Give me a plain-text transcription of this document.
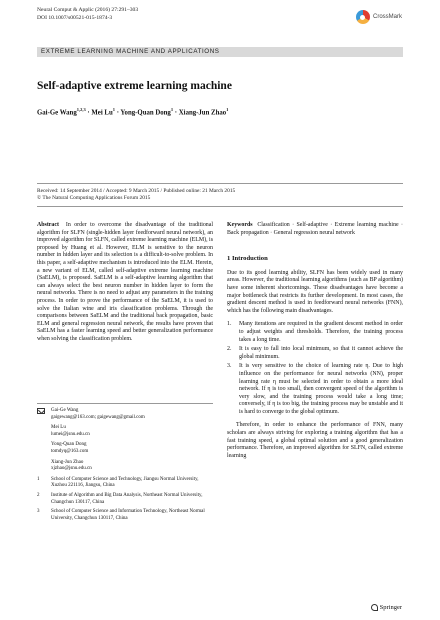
Neural Comput & Applic (2016) 27:291–303
DOI 10.1007/s00521-015-1874-3	CrossMark
EXTREME LEARNING MACHINE AND APPLICATIONS
Self-adaptive extreme learning machine
Gai-Ge Wang$^{1,2,3}$ · Mei $Lu^1$ · Yong-Quan Dong$^1$ · Xiang-Jun Zhao$^1$
Received: 14 September 2014 / Accepted: 9 March 2015 / Published online: 21 March 2015
© The Natural Computing Applications Forum 2015

Abstract In order to overcome the disadvantage of the traditional algorithm for SLFN (single-hidden layer feedforward neural network), an improved algorithm for SLFN, called extreme learning machine (ELM), is proposed by Huang et al. However, ELM is sensitive to the neuron number in hidden layer and its selection is a difficult-to-solve problem. In this paper, a self-adaptive mechanism is introduced into the ELM. Herein, a new variant of ELM, called self-adaptive extreme learning machine (SaELM), is proposed. SaELM is a self-adaptive learning algorithm that can always select the best neuron number in hidden layer to form the neural networks. There is no need to adjust any parameters in the training process. In order to prove the performance of the SaELM, it is used to solve the Italian wine and iris classification problems. Through the comparisons between SaELM and the traditional back propagation, basic ELM and general regression neural network, the results have proven that SaELM has a faster learning speed and better generalization performance when solving the classification problem.

Gai-Ge Wang
gaigewang@163.com; gaigewang@gmail.com
Mei Lu
lumei@jsnu.edu.cn
Yong-Quan Dong
tomdyq@163.com
Xiang-Jun Zhao
xjzhao@jsnu.edu.cn
1	School of Computer Science and Technology, Jiangsu Normal University, Xuzhou 221116, Jiangsu, China
2	Institute of Algorithm and Big Data Analysis, Northeast Normal University, Changchun 130117, China
3	School of Computer Science and Information Technology, Northeast Normal University, Changchun 130117, China

Keywords Classification · Self-adaptive · Extreme learning machine · Back propagation · General regression neural network

1 Introduction

Due to its good learning ability, SLFN has been widely used in many areas. However, the traditional learning algorithms (such as BP algorithm) have some inherent shortcomings. These disadvantages have become a major bottleneck that restricts its further development. In most cases, the gradient descent method is used in feedforward neural networks (FNN), which has the following main disadvantages.

1.	Many iterations are required in the gradient descent method in order to adjust weights and thresholds. Therefore, the training process takes a long time.
2.	It is easy to fall into local minimum, so that it cannot achieve the global minimum.
3.	It is very sensitive to the choice of learning rate η. Due to high influence on the performance for neural networks (NN), proper learning rate η must be selected in order to obtain a more ideal network. If η is too small, then convergent speed of the algorithm is very slow, and the training process would take a long time; conversely, if η is too big, the training process may be unstable and it is hard to converge to the global optimum.

Therefore, in order to enhance the performance of FNN, many scholars are always striving for exploring a training algorithm that has a fast training speed, a global optimal solution and a good generalization performance. Therefore, an improved algorithm for SLFN, called extreme learning

Springer
